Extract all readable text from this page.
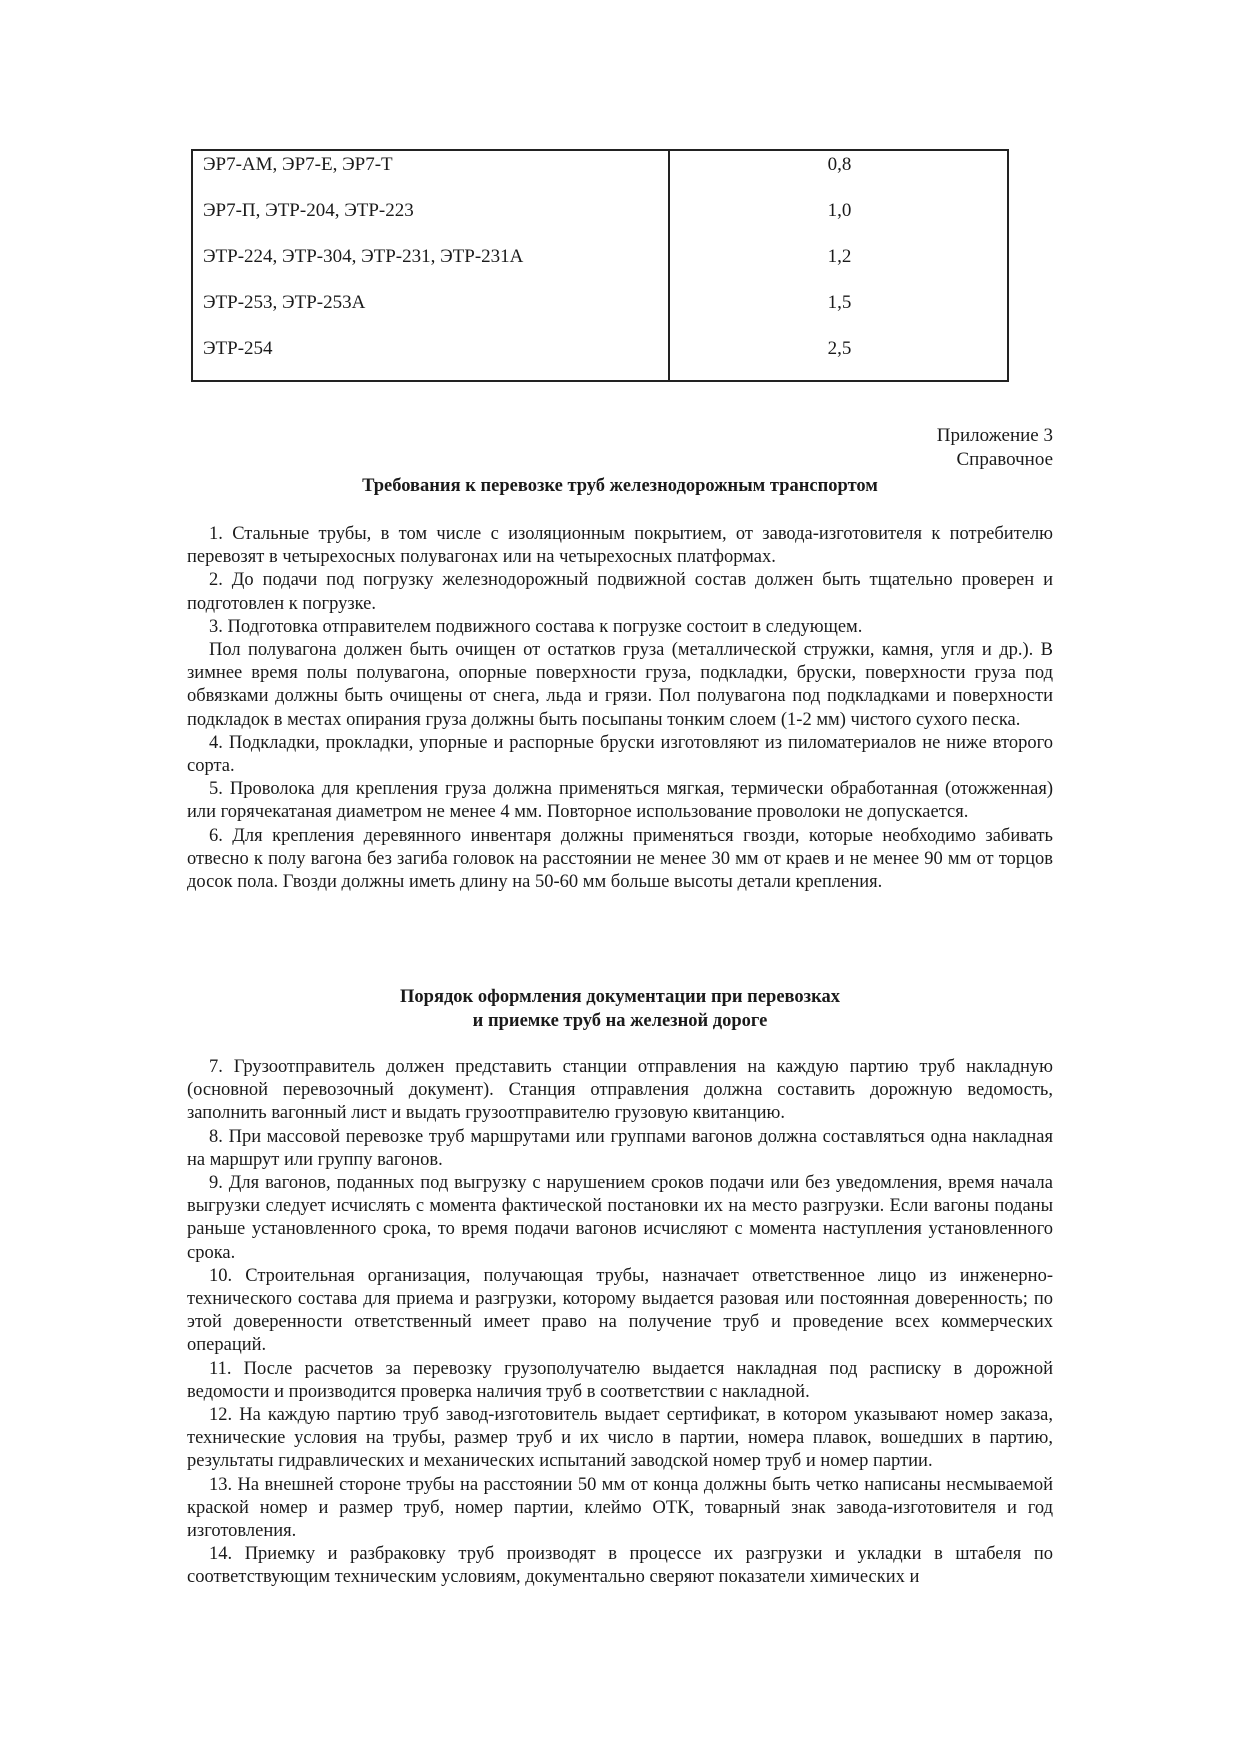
ЭР7-АМ, ЭР7-Е, ЭР7-Т	0,8
ЭР7-П, ЭТР-204, ЭТР-223	1,0
ЭТР-224, ЭТР-304, ЭТР-231, ЭТР-231А	1,2
ЭТР-253, ЭТР-253А	1,5
ЭТР-254	2,5
Приложение 3
Справочное
Требования к перевозке труб железнодорожным транспортом

1. Стальные трубы, в том числе с изоляционным покрытием, от завода-изготовителя к потребителю перевозят в четырехосных полувагонах или на четырехосных платформах.

2. До подачи под погрузку железнодорожный подвижной состав должен быть тщательно проверен и подготовлен к погрузке.

3. Подготовка отправителем подвижного состава к погрузке состоит в следующем.

Пол полувагона должен быть очищен от остатков груза (металлической стружки, камня, угля и др.). В зимнее время полы полувагона, опорные поверхности груза, подкладки, бруски, поверхности груза под обвязками должны быть очищены от снега, льда и грязи. Пол полувагона под подкладками и поверхности подкладок в местах опирания груза должны быть посыпаны тонким слоем (1-2 мм) чистого сухого песка.

4. Подкладки, прокладки, упорные и распорные бруски изготовляют из пиломатериалов не ниже второго сорта.

5. Проволока для крепления груза должна применяться мягкая, термически обработанная (отожженная) или горячекатаная диаметром не менее 4 мм. Повторное использование проволоки не допускается.

6. Для крепления деревянного инвентаря должны применяться гвозди, которые необходимо забивать отвесно к полу вагона без загиба головок на расстоянии не менее 30 мм от краев и не менее 90 мм от торцов досок пола. Гвозди должны иметь длину на 50-60 мм больше высоты детали крепления.

Порядок оформления документации при перевозках
и приемке труб на железной дороге

7. Грузоотправитель должен представить станции отправления на каждую партию труб накладную (основной перевозочный документ). Станция отправления должна составить дорожную ведомость, заполнить вагонный лист и выдать грузоотправителю грузовую квитанцию.

8. При массовой перевозке труб маршрутами или группами вагонов должна составляться одна накладная на маршрут или группу вагонов.

9. Для вагонов, поданных под выгрузку с нарушением сроков подачи или без уведомления, время начала выгрузки следует исчислять с момента фактической постановки их на место разгрузки. Если вагоны поданы раньше установленного срока, то время подачи вагонов исчисляют с момента наступления установленного срока.

10. Строительная организация, получающая трубы, назначает ответственное лицо из инженерно-технического состава для приема и разгрузки, которому выдается разовая или постоянная доверенность; по этой доверенности ответственный имеет право на получение труб и проведение всех коммерческих операций.

11. После расчетов за перевозку грузополучателю выдается накладная под расписку в дорожной ведомости и производится проверка наличия труб в соответствии с накладной.

12. На каждую партию труб завод-изготовитель выдает сертификат, в котором указывают номер заказа, технические условия на трубы, размер труб и их число в партии, номера плавок, вошедших в партию, результаты гидравлических и механических испытаний заводской номер труб и номер партии.

13. На внешней стороне трубы на расстоянии 50 мм от конца должны быть четко написаны несмываемой краской номер и размер труб, номер партии, клеймо ОТК, товарный знак завода-изготовителя и год изготовления.

14. Приемку и разбраковку труб производят в процессе их разгрузки и укладки в штабеля по соответствующим техническим условиям, документально сверяют показатели химических и
